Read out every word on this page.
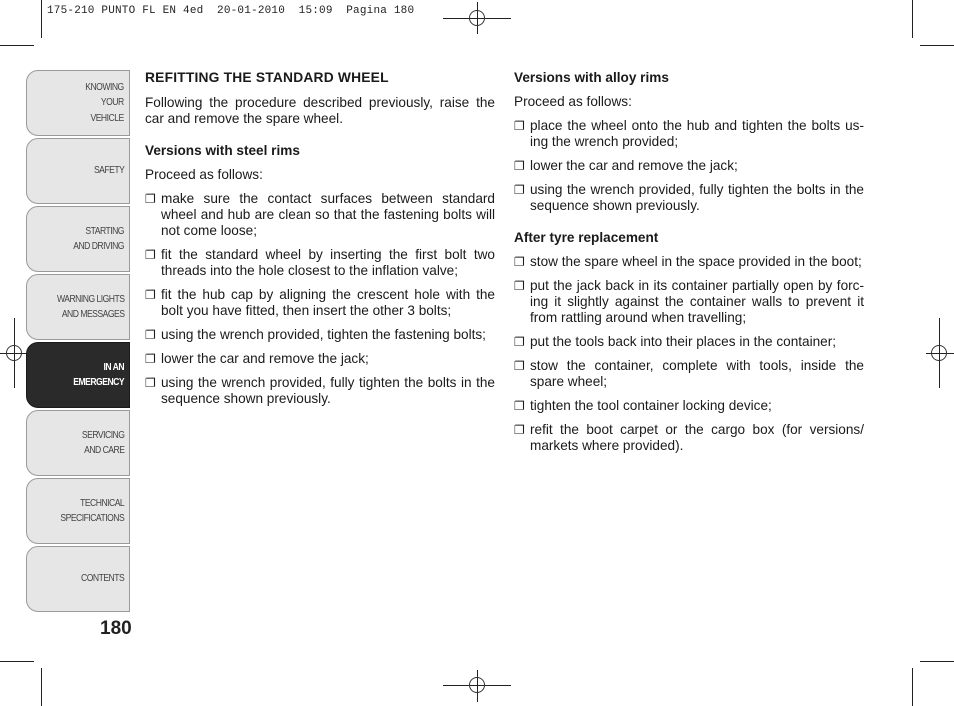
175-210 PUNTO FL EN 4ed  20-01-2010  15:09  Pagina 180
KNOWING
YOUR
VEHICLE
SAFETY
STARTING
AND DRIVING
WARNING LIGHTS
AND MESSAGES
IN AN
EMERGENCY
SERVICING
AND CARE
TECHNICAL
SPECIFICATIONS
CONTENTS
180
REFITTING THE STANDARD WHEEL

Following the procedure described previously, raise the car and remove the spare wheel.

Versions with steel rims

Proceed as follows:

❐ make sure the contact surfaces between standard wheel and hub are clean so that the fastening bolts will not come loose;
❐ fit the standard wheel by inserting the first bolt two threads into the hole closest to the inflation valve;
❐ fit the hub cap by aligning the crescent hole with the bolt you have fitted, then insert the other 3 bolts;
❐ using the wrench provided, tighten the fastening bolts;
❐ lower the car and remove the jack;
❐ using the wrench provided, fully tighten the bolts in the sequence shown previously.
Versions with alloy rims

Proceed as follows:

❐ place the wheel onto the hub and tighten the bolts us-ing the wrench provided;
❐ lower the car and remove the jack;
❐ using the wrench provided, fully tighten the bolts in the sequence shown previously.
After tyre replacement
❐ stow the spare wheel in the space provided in the boot;
❐ put the jack back in its container partially open by forc-ing it slightly against the container walls to prevent it from rattling around when travelling;
❐ put the tools back into their places in the container;
❐ stow the container, complete with tools, inside the spare wheel;
❐ tighten the tool container locking device;
❐ refit the boot carpet or the cargo box (for versions/ markets where provided).
